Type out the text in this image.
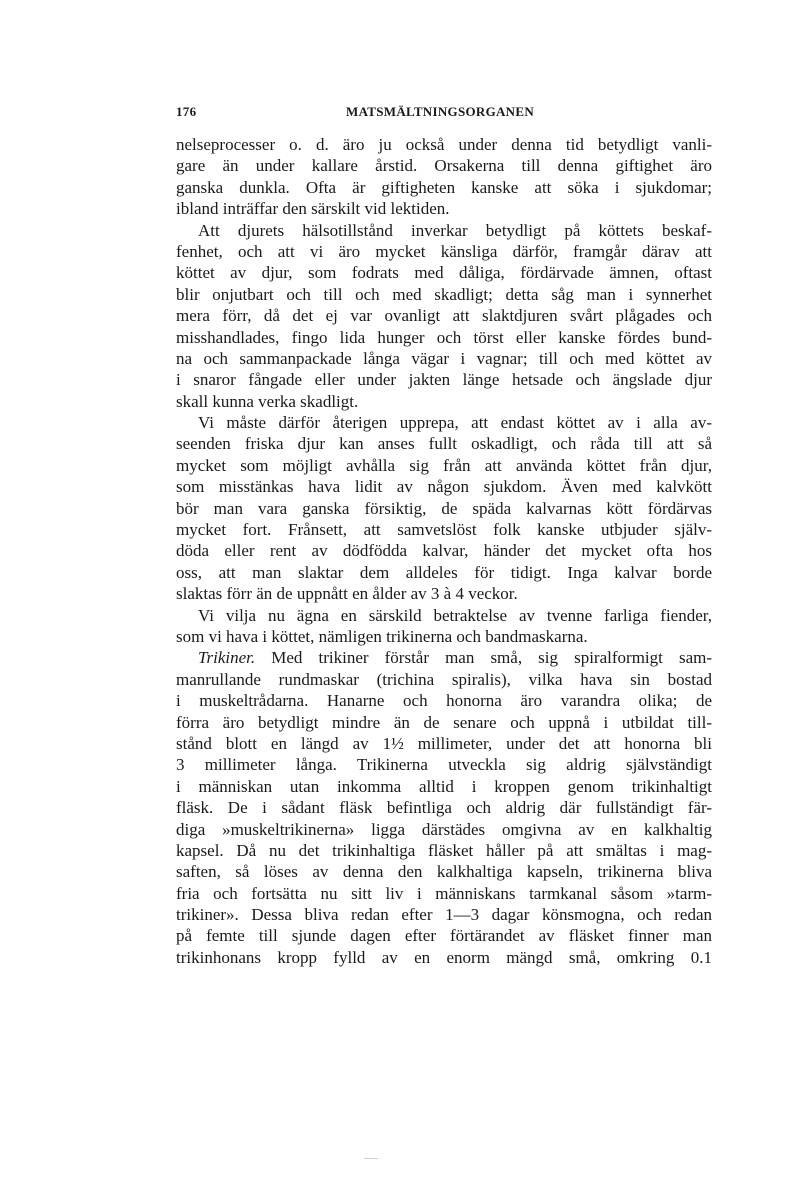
176	MATSMÄLTNINGSORGANEN
nelseprocesser o. d. äro ju också under denna tid betydligt vanli-
gare än under kallare årstid. Orsakerna till denna giftighet äro
ganska dunkla. Ofta är giftigheten kanske att söka i sjukdomar;
ibland inträffar den särskilt vid lektiden.
Att djurets hälsotillstånd inverkar betydligt på köttets beskaf-
fenhet, och att vi äro mycket känsliga därför, framgår därav att
köttet av djur, som fodrats med dåliga, fördärvade ämnen, oftast
blir onjutbart och till och med skadligt; detta såg man i synnerhet
mera förr, då det ej var ovanligt att slaktdjuren svårt plågades och
misshandlades, fingo lida hunger och törst eller kanske fördes bund-
na och sammanpackade långa vägar i vagnar; till och med köttet av
i snaror fångade eller under jakten länge hetsade och ängslade djur
skall kunna verka skadligt.
Vi måste därför återigen upprepa, att endast köttet av i alla av-
seenden friska djur kan anses fullt oskadligt, och råda till att så
mycket som möjligt avhålla sig från att använda köttet från djur,
som misstänkas hava lidit av någon sjukdom. Även med kalvkött
bör man vara ganska försiktig, de späda kalvarnas kött fördärvas
mycket fort. Frånsett, att samvetslöst folk kanske utbjuder själv-
döda eller rent av dödfödda kalvar, händer det mycket ofta hos
oss, att man slaktar dem alldeles för tidigt. Inga kalvar borde
slaktas förr än de uppnått en ålder av 3 à 4 veckor.
Vi vilja nu ägna en särskild betraktelse av tvenne farliga fiender,
som vi hava i köttet, nämligen trikinerna och bandmaskarna.
Trikiner. Med trikiner förstår man små, sig spiralformigt sam-
manrullande rundmaskar (trichina spiralis), vilka hava sin bostad
i muskeltrådarna. Hanarne och honorna äro varandra olika; de
förra äro betydligt mindre än de senare och uppnå i utbildat till-
stånd blott en längd av 1½ millimeter, under det att honorna bli
3 millimeter långa. Trikinerna utveckla sig aldrig självständigt
i människan utan inkomma alltid i kroppen genom trikinhaltigt
fläsk. De i sådant fläsk befintliga och aldrig där fullständigt fär-
diga »muskeltrikinerna» ligga därstädes omgivna av en kalkhaltig
kapsel. Då nu det trikinhaltiga fläsket håller på att smältas i mag-
saften, så löses av denna den kalkhaltiga kapseln, trikinerna bliva
fria och fortsätta nu sitt liv i människans tarmkanal såsom »tarm-
trikiner». Dessa bliva redan efter 1—3 dagar könsmogna, och redan
på femte till sjunde dagen efter förtärandet av fläsket finner man
trikinhonans kropp fylld av en enorm mängd små, omkring 0.1
